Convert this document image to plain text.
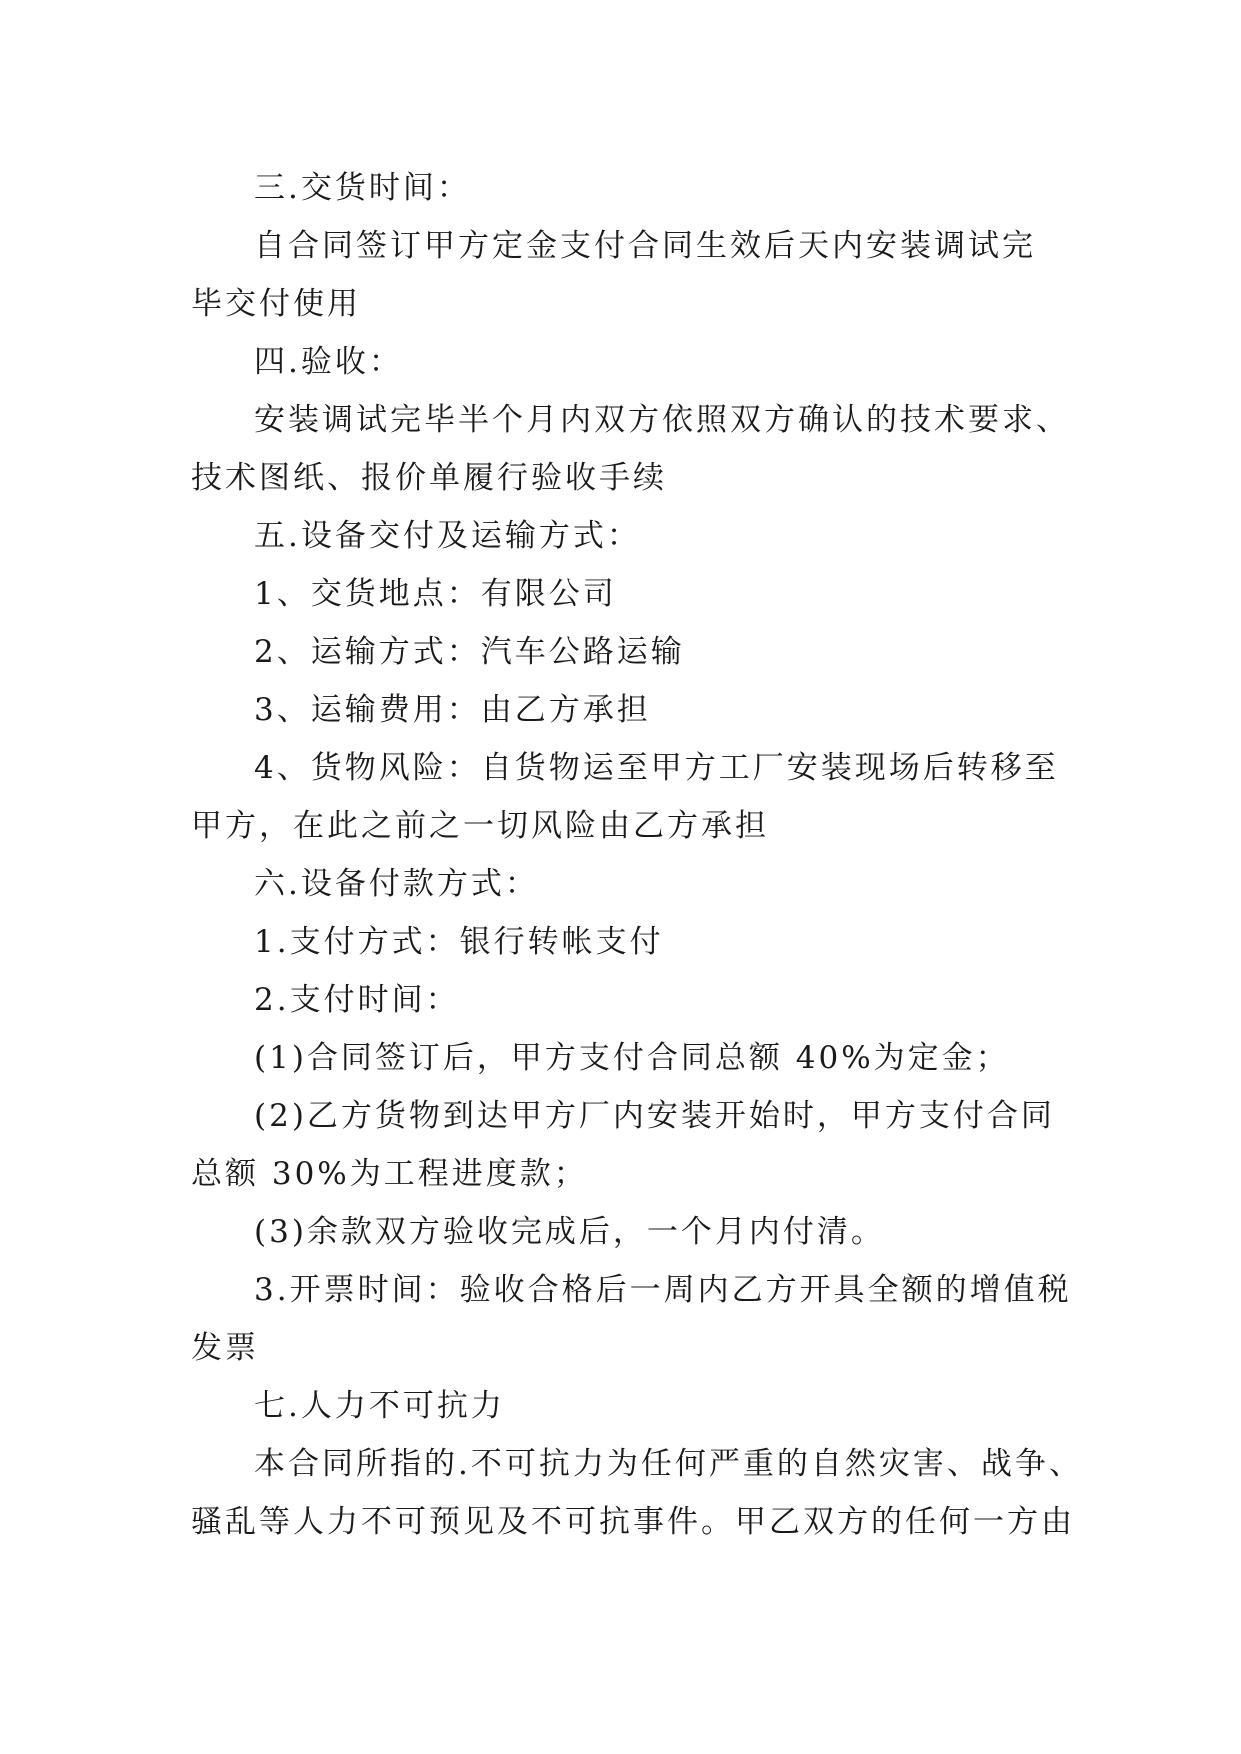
三.交货时间：

自合同签订甲方定金支付合同生效后天内安装调试完

毕交付使用

四.验收：

安装调试完毕半个月内双方依照双方确认的技术要求、

技术图纸、报价单履行验收手续

五.设备交付及运输方式：

1、交货地点：有限公司

2、运输方式：汽车公路运输

3、运输费用：由乙方承担

4、货物风险：自货物运至甲方工厂安装现场后转移至

甲方，在此之前之一切风险由乙方承担

六.设备付款方式：

1.支付方式：银行转帐支付

2.支付时间：

(1)合同签订后，甲方支付合同总额 40%为定金；

(2)乙方货物到达甲方厂内安装开始时，甲方支付合同

总额 30%为工程进度款；

(3)余款双方验收完成后，一个月内付清。

3.开票时间：验收合格后一周内乙方开具全额的增值税

发票

七.人力不可抗力

本合同所指的.不可抗力为任何严重的自然灾害、战争、

骚乱等人力不可预见及不可抗事件。甲乙双方的任何一方由
